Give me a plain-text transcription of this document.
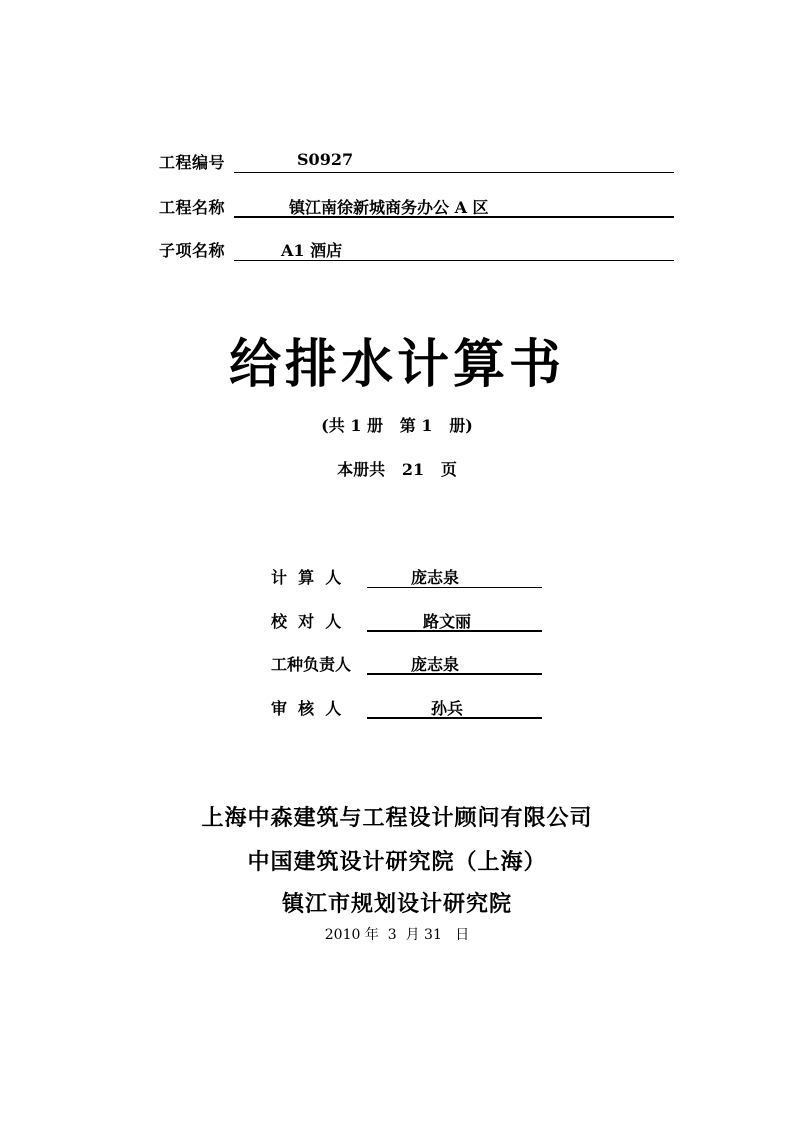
工程编号	S0927
工程名称	镇江南徐新城商务办公 A 区
子项名称	A1 酒店
给排水计算书
(共 1 册 第 1 册)
本册共 21 页
计  算  人	庞志泉
校  对  人	路文丽
工种负责人	庞志泉
审  核  人	孙兵
上海中森建筑与工程设计顾问有限公司
中国建筑设计研究院（上海）
镇江市规划设计研究院
2010 年 3 月 31 日
